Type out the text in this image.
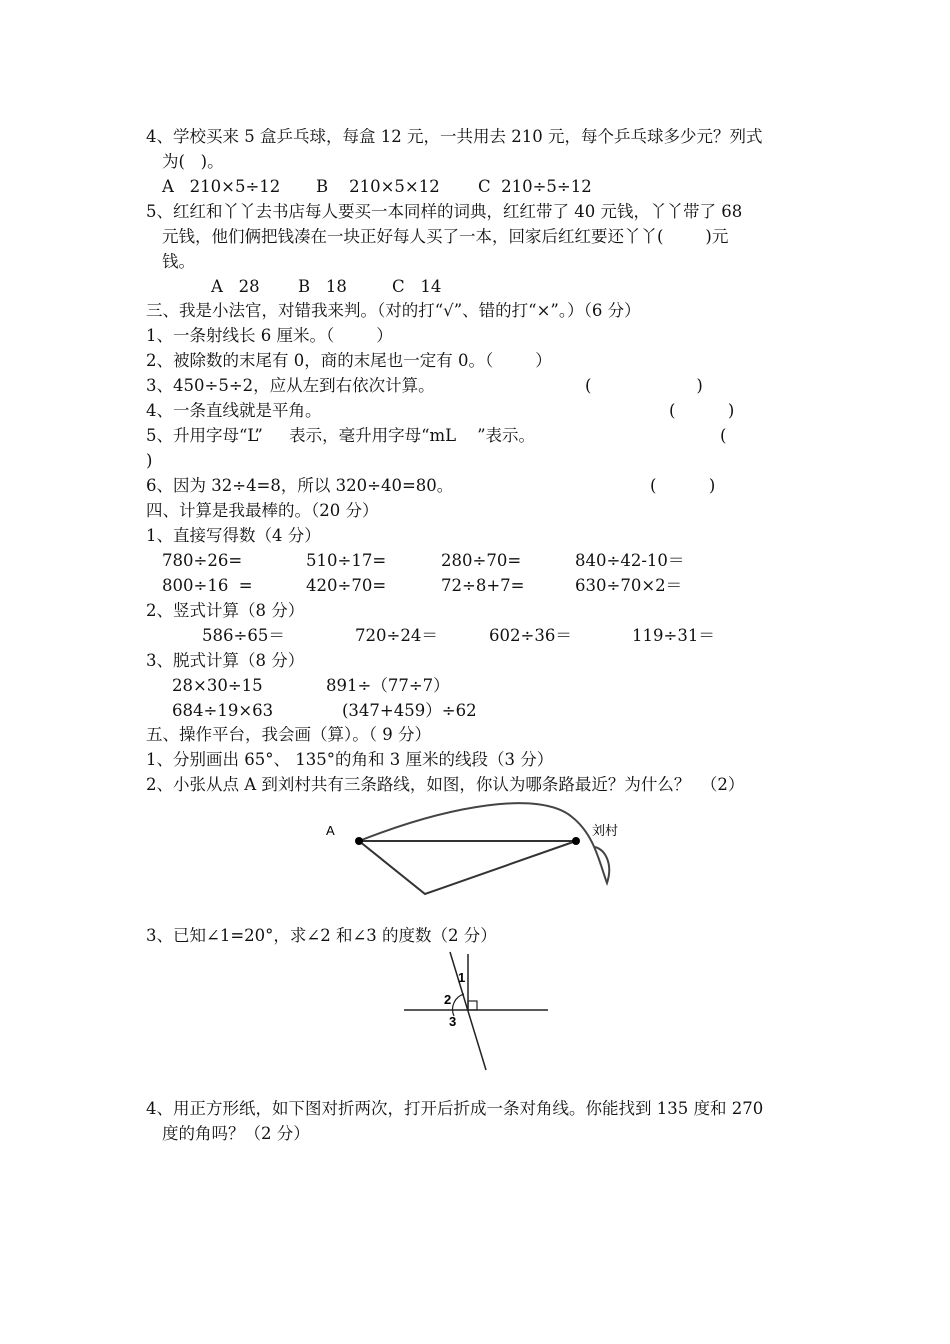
4、学校买来 5 盒乒乓球，每盒 12 元，一共用去 210 元，每个乒乓球多少元？列式
为(   )。
A   210×5÷12 B    210×5×12 C  210÷5÷12
5、红红和丫丫去书店每人要买一本同样的词典，红红带了 40 元钱，丫丫带了 68
元钱，他们俩把钱凑在一块正好每人买了一本，回家后红红要还丫丫(        )元
钱。
A   28 B   18	C   14
三、我是小法官，对错我来判。（对的打“√”、错的打“×”。）（6 分）
1、一条射线长 6 厘米。（        ）
2、被除数的末尾有 0，商的末尾也一定有 0。（        ）
3、450÷5÷2，应从左到右依次计算。	(                    )
4、一条直线就是平角。	(          )
5、升用字母“L”     表示，毫升用字母“mL    ”表示。	(
)
6、因为 32÷4=8，所以 320÷40=80。	(          )
四、计算是我最棒的。（20 分）
1、直接写得数（4 分）
780÷26=	510÷17=	280÷70=	840÷42-10＝
800÷16  =	420÷70=	72÷8+7=	630÷70×2＝
2、竖式计算（8 分）
586÷65＝	720÷24＝	602÷36＝	119÷31＝
3、脱式计算（8 分）
28×30÷15	891÷（77÷7）
684÷19×63	(347+459）÷62
五、操作平台，我会画（算）。（ 9 分）
1、分别画出 65°、 135°的角和 3 厘米的线段（3 分）
2、小张从点 A 到刘村共有三条路线，如图，你认为哪条路最近？为什么？  （2）
A	刘村
3、已知∠1=20°，求∠2 和∠3 的度数（2 分）
1
2
3
4、用正方形纸，如下图对折两次，打开后折成一条对角线。你能找到 135 度和 270
度的角吗？（2 分）
